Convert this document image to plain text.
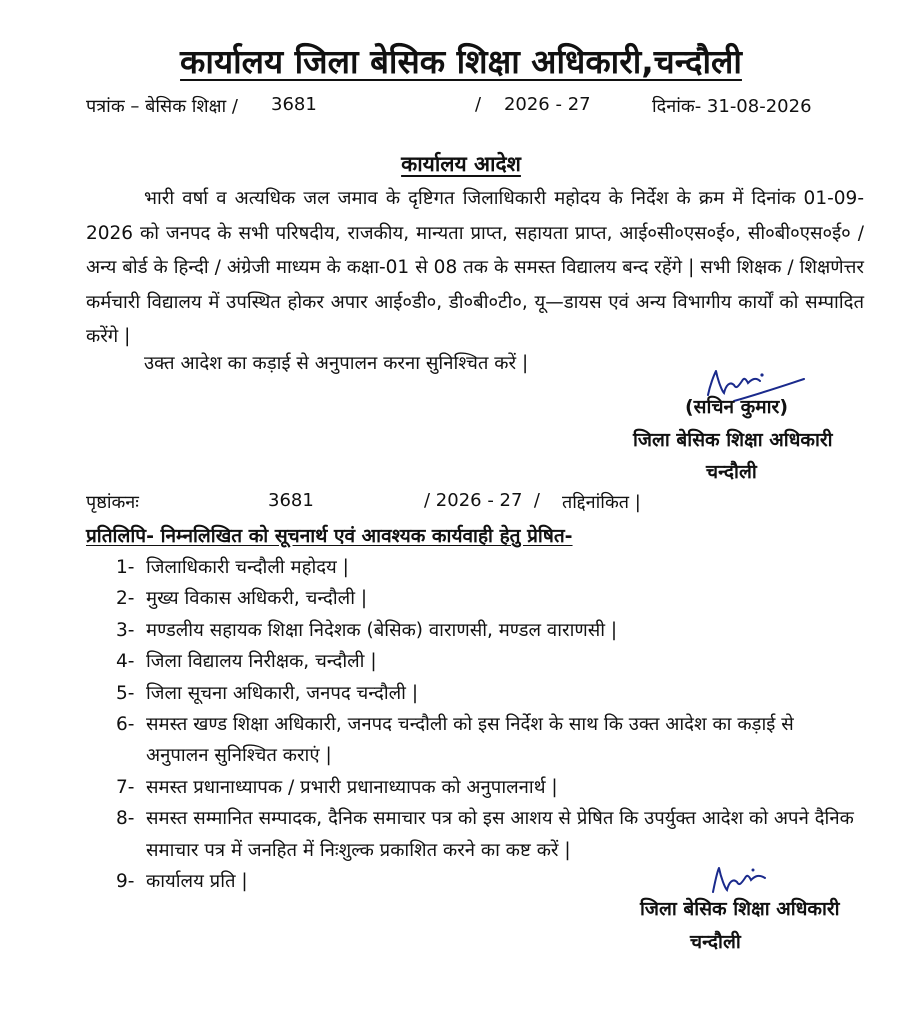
कार्यालय जिला बेसिक शिक्षा अधिकारी,चन्दौली
पत्रांक – बेसिक शिक्षा / 3681	/    2026 - 27	दिनांक- 31-08-2026
कार्यालय आदेश

भारी वर्षा व अत्यधिक जल जमाव के दृष्टिगत जिलाधिकारी महोदय के निर्देश के क्रम में दिनांक 01-09-2026 को जनपद के सभी परिषदीय, राजकीय, मान्यता प्राप्त, सहायता प्राप्त, आई०सी०एस०ई०, सी०बी०एस०ई० / अन्य बोर्ड के हिन्दी / अंग्रेजी माध्यम के कक्षा-01 से 08 तक के समस्त विद्यालय बन्द रहेंगे | सभी शिक्षक / शिक्षणेत्तर कर्मचारी विद्यालय में उपस्थित होकर अपार आई०डी०, डी०बी०टी०, यू—डायस एवं अन्य विभागीय कार्यों को सम्पादित करेंगे |

उक्त आदेश का कड़ाई से अनुपालन करना सुनिश्चित करें |

(सचिन कुमार)
जिला बेसिक शिक्षा अधिकारी
चन्दौली
पृष्ठांकनः	3681	/ 2026 - 27  / तद्दिनांकित |

प्रतिलिपि- निम्नलिखित को सूचनार्थ एवं आवश्यक कार्यवाही हेतु प्रेषित-

1- जिलाधिकारी चन्दौली महोदय |
2- मुख्य विकास अधिकरी, चन्दौली |
3- मण्डलीय सहायक शिक्षा निदेशक (बेसिक) वाराणसी, मण्डल वाराणसी |
4- जिला विद्यालय निरीक्षक, चन्दौली |
5- जिला सूचना अधिकारी, जनपद चन्दौली |
6- समस्त खण्ड शिक्षा अधिकारी, जनपद चन्दौली को इस निर्देश के साथ कि उक्त आदेश का कड़ाई से अनुपालन सुनिश्चित कराएं |
7- समस्त प्रधानाध्यापक / प्रभारी प्रधानाध्यापक को अनुपालनार्थ |
8- समस्त सम्मानित सम्पादक, दैनिक समाचार पत्र को इस आशय से प्रेषित कि उपर्युक्त आदेश को अपने दैनिक समाचार पत्र में जनहित में निःशुल्क प्रकाशित करने का कष्ट करें |
9- कार्यालय प्रति |
जिला बेसिक शिक्षा अधिकारी
चन्दौली
